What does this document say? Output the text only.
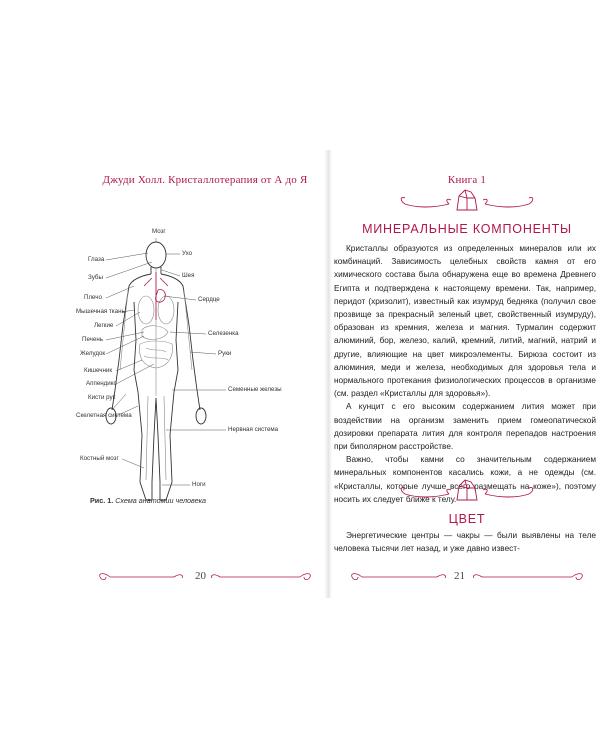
Джуди Холл. Кристаллотерапия от А до Я
Мозг
Глаза
Ухо
Зубы	Шея
Плечо
Мышечная ткань
Сердце
Легкие
Селезенка
Печень
Желудок	Руки
Кишечник
Аппендикс
Семенные железы
Кисти рук
Скелетная система
Нервная система
Костный мозг
Ноги
Рис. 1. Схема анатомии человека
20
Книга 1
МИНЕРАЛЬНЫЕ КОМПОНЕНТЫ

Кристаллы образуются из определенных минералов или их комбинаций. Зависимость целебных свойств камня от его химического состава была обнаружена еще во времена Древнего Египта и подтверждена к настоящему времени. Так, например, перидот (хризолит), известный как изумруд бедняка (получил свое прозвище за прекрасный зеленый цвет, свойственный изумруду), образован из кремния, железа и магния. Турмалин содержит алюминий, бор, железо, калий, кремний, литий, магний, натрий и другие, влияющие на цвет микроэлементы. Бирюза состоит из алюминия, меди и железа, необходимых для здоровья тела и нормального протекания физиологических процессов в организме (см. раздел «Кристаллы для здоровья»).

А кунцит с его высоким содержанием лития может при воздействии на организм заменить прием гомеопатической дозировки препарата лития для контроля перепадов настроения при биполярном расстройстве.

Важно, чтобы камни со значительным содержанием минеральных компонентов касались кожи, а не одежды (см. «Кристаллы, которые лучше всего размещать на коже»), поэтому носить их следует ближе к телу.

ЦВЕТ

Энергетические центры — чакры — были выявлены на теле человека тысячи лет назад, и уже давно извест-

21
